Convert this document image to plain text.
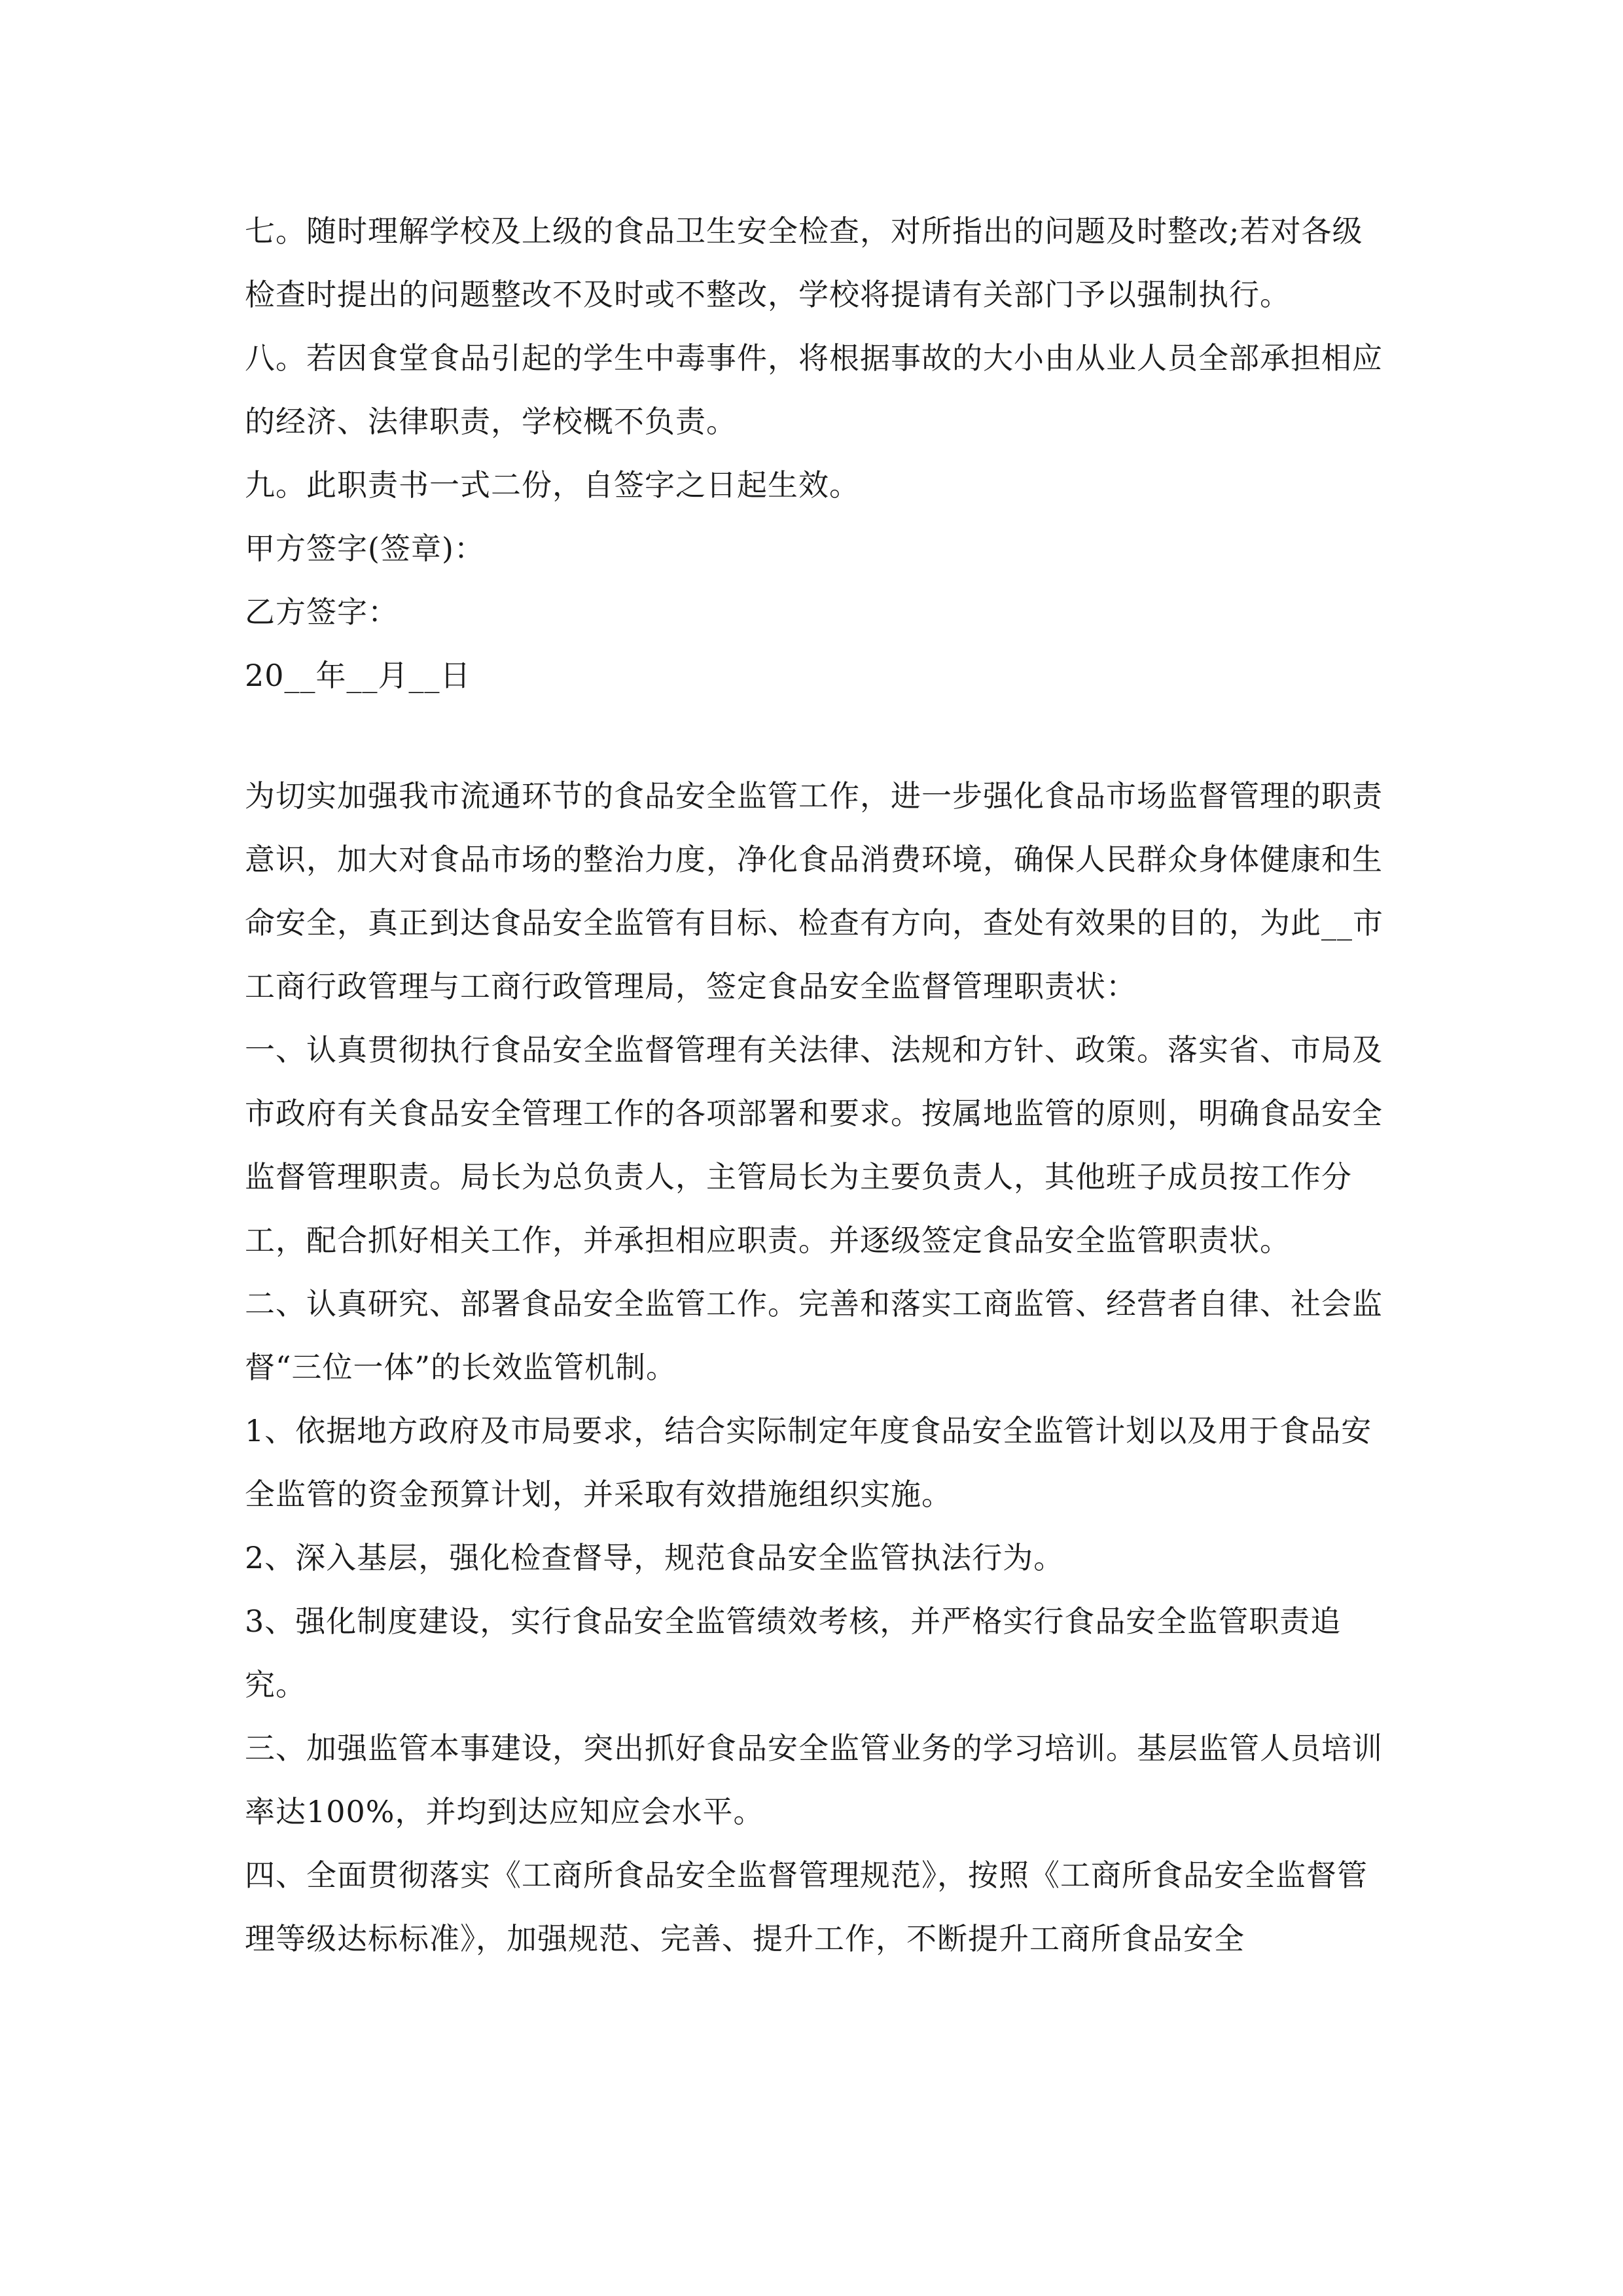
七。随时理解学校及上级的食品卫生安全检查，对所指出的问题及时整改;若对各级检查时提出的问题整改不及时或不整改，学校将提请有关部门予以强制执行。

八。若因食堂食品引起的学生中毒事件，将根据事故的大小由从业人员全部承担相应的经济、法律职责，学校概不负责。

九。此职责书一式二份，自签字之日起生效。

甲方签字(签章)：

乙方签字：

20__年__月__日

为切实加强我市流通环节的食品安全监管工作，进一步强化食品市场监督管理的职责意识，加大对食品市场的整治力度，净化食品消费环境，确保人民群众身体健康和生命安全，真正到达食品安全监管有目标、检查有方向，查处有效果的目的，为此__市工商行政管理与工商行政管理局，签定食品安全监督管理职责状：

一、认真贯彻执行食品安全监督管理有关法律、法规和方针、政策。落实省、市局及市政府有关食品安全管理工作的各项部署和要求。按属地监管的原则，明确食品安全监督管理职责。局长为总负责人，主管局长为主要负责人，其他班子成员按工作分工，配合抓好相关工作，并承担相应职责。并逐级签定食品安全监管职责状。

二、认真研究、部署食品安全监管工作。完善和落实工商监管、经营者自律、社会监督“三位一体”的长效监管机制。

1、依据地方政府及市局要求，结合实际制定年度食品安全监管计划以及用于食品安全监管的资金预算计划，并采取有效措施组织实施。

2、深入基层，强化检查督导，规范食品安全监管执法行为。

3、强化制度建设，实行食品安全监管绩效考核，并严格实行食品安全监管职责追究。

三、加强监管本事建设，突出抓好食品安全监管业务的学习培训。基层监管人员培训率达100%，并均到达应知应会水平。

四、全面贯彻落实《工商所食品安全监督管理规范》，按照《工商所食品安全监督管理等级达标标准》，加强规范、完善、提升工作，不断提升工商所食品安全
